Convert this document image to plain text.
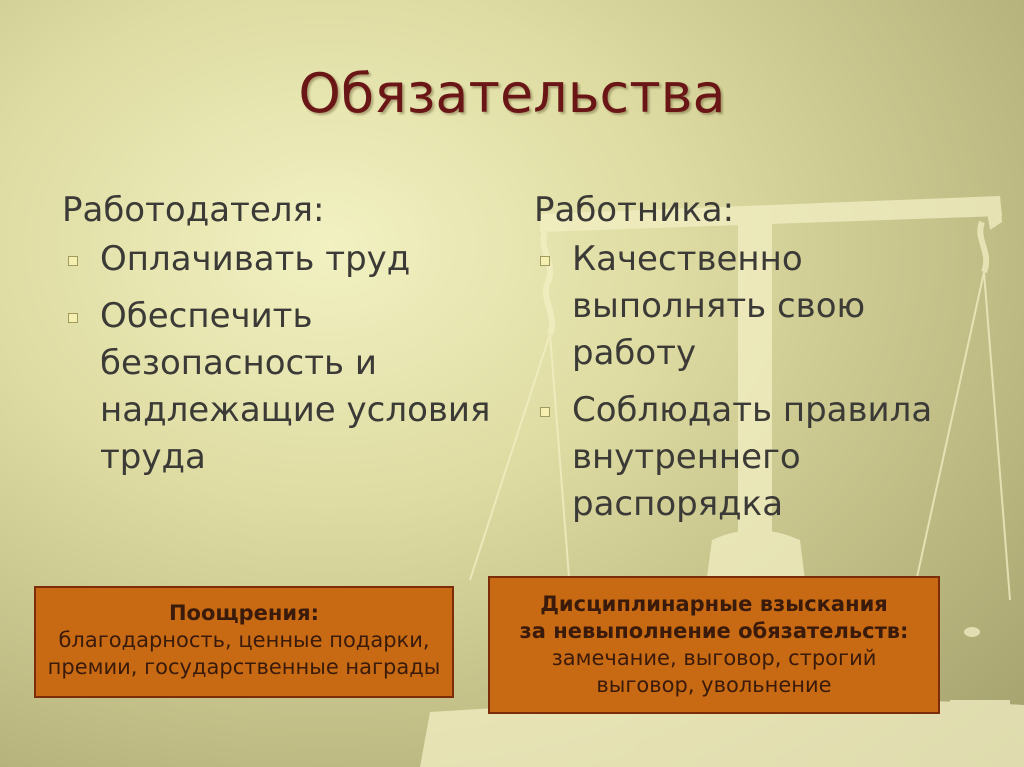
Обязательства
Работодателя:
Оплачивать труд
Обеспечить безопасность и надлежащие условия труда
Работника:
Качественно выполнять свою работу
Соблюдать правила внутреннего распорядка
Поощрения:
благодарность, ценные подарки,
премии, государственные награды
Дисциплинарные взыскания
за невыполнение обязательств:
замечание, выговор, строгий
выговор, увольнение
